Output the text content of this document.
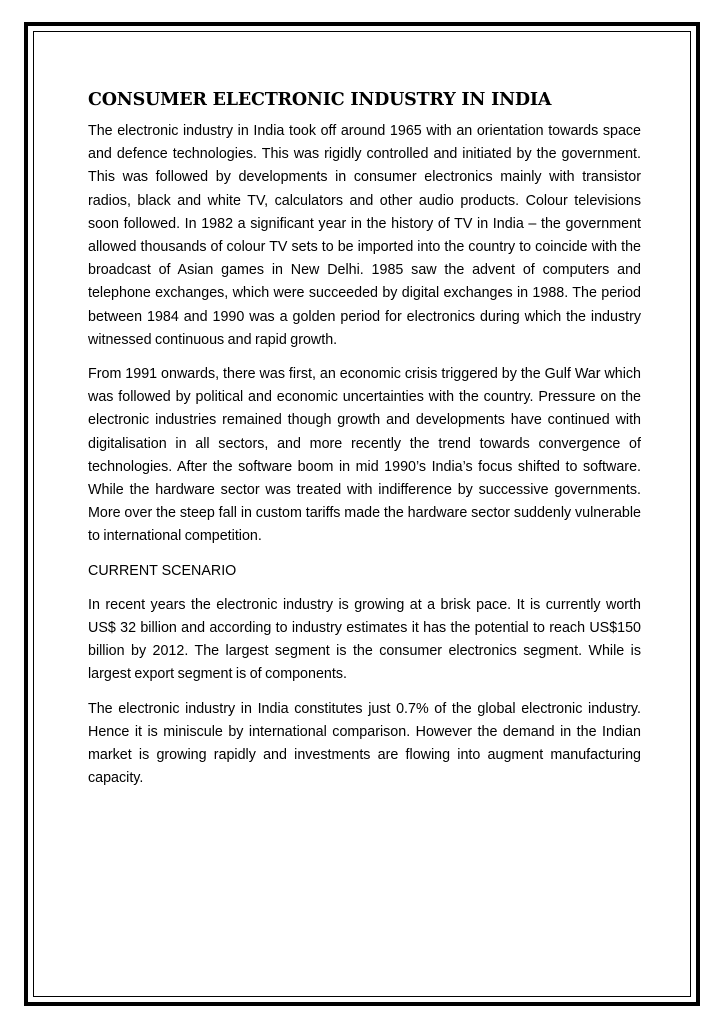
CONSUMER ELECTRONIC INDUSTRY IN INDIA

The electronic industry in India took off around 1965 with an orientation towards space and defence technologies. This was rigidly controlled and initiated by the government. This was followed by developments in consumer electronics mainly with transistor radios, black and white TV, calculators and other audio products. Colour televisions soon followed. In 1982 a significant year in the history of TV in India – the government allowed thousands of colour TV sets to be imported into the country to coincide with the broadcast of Asian games in New Delhi. 1985 saw the advent of computers and telephone exchanges, which were succeeded by digital exchanges in 1988. The period between 1984 and 1990 was a golden period for electronics during which the industry witnessed continuous and rapid growth.

From 1991 onwards, there was first, an economic crisis triggered by the Gulf War which was followed by political and economic uncertainties with the country. Pressure on the electronic industries remained though growth and developments have continued with digitalisation in all sectors, and more recently the trend towards convergence of technologies. After the software boom in mid 1990’s India’s focus shifted to software. While the hardware sector was treated with indifference by successive governments. More over the steep fall in custom tariffs made the hardware sector suddenly vulnerable to international competition.

CURRENT SCENARIO

In recent years the electronic industry is growing at a brisk pace. It is currently worth US$ 32 billion and according to industry estimates it has the potential to reach US$150 billion by 2012. The largest segment is the consumer electronics segment. While is largest export segment is of components.

The electronic industry in India constitutes just 0.7% of the global electronic industry. Hence it is miniscule by international comparison. However the demand in the Indian market is growing rapidly and investments are flowing into augment manufacturing capacity.
